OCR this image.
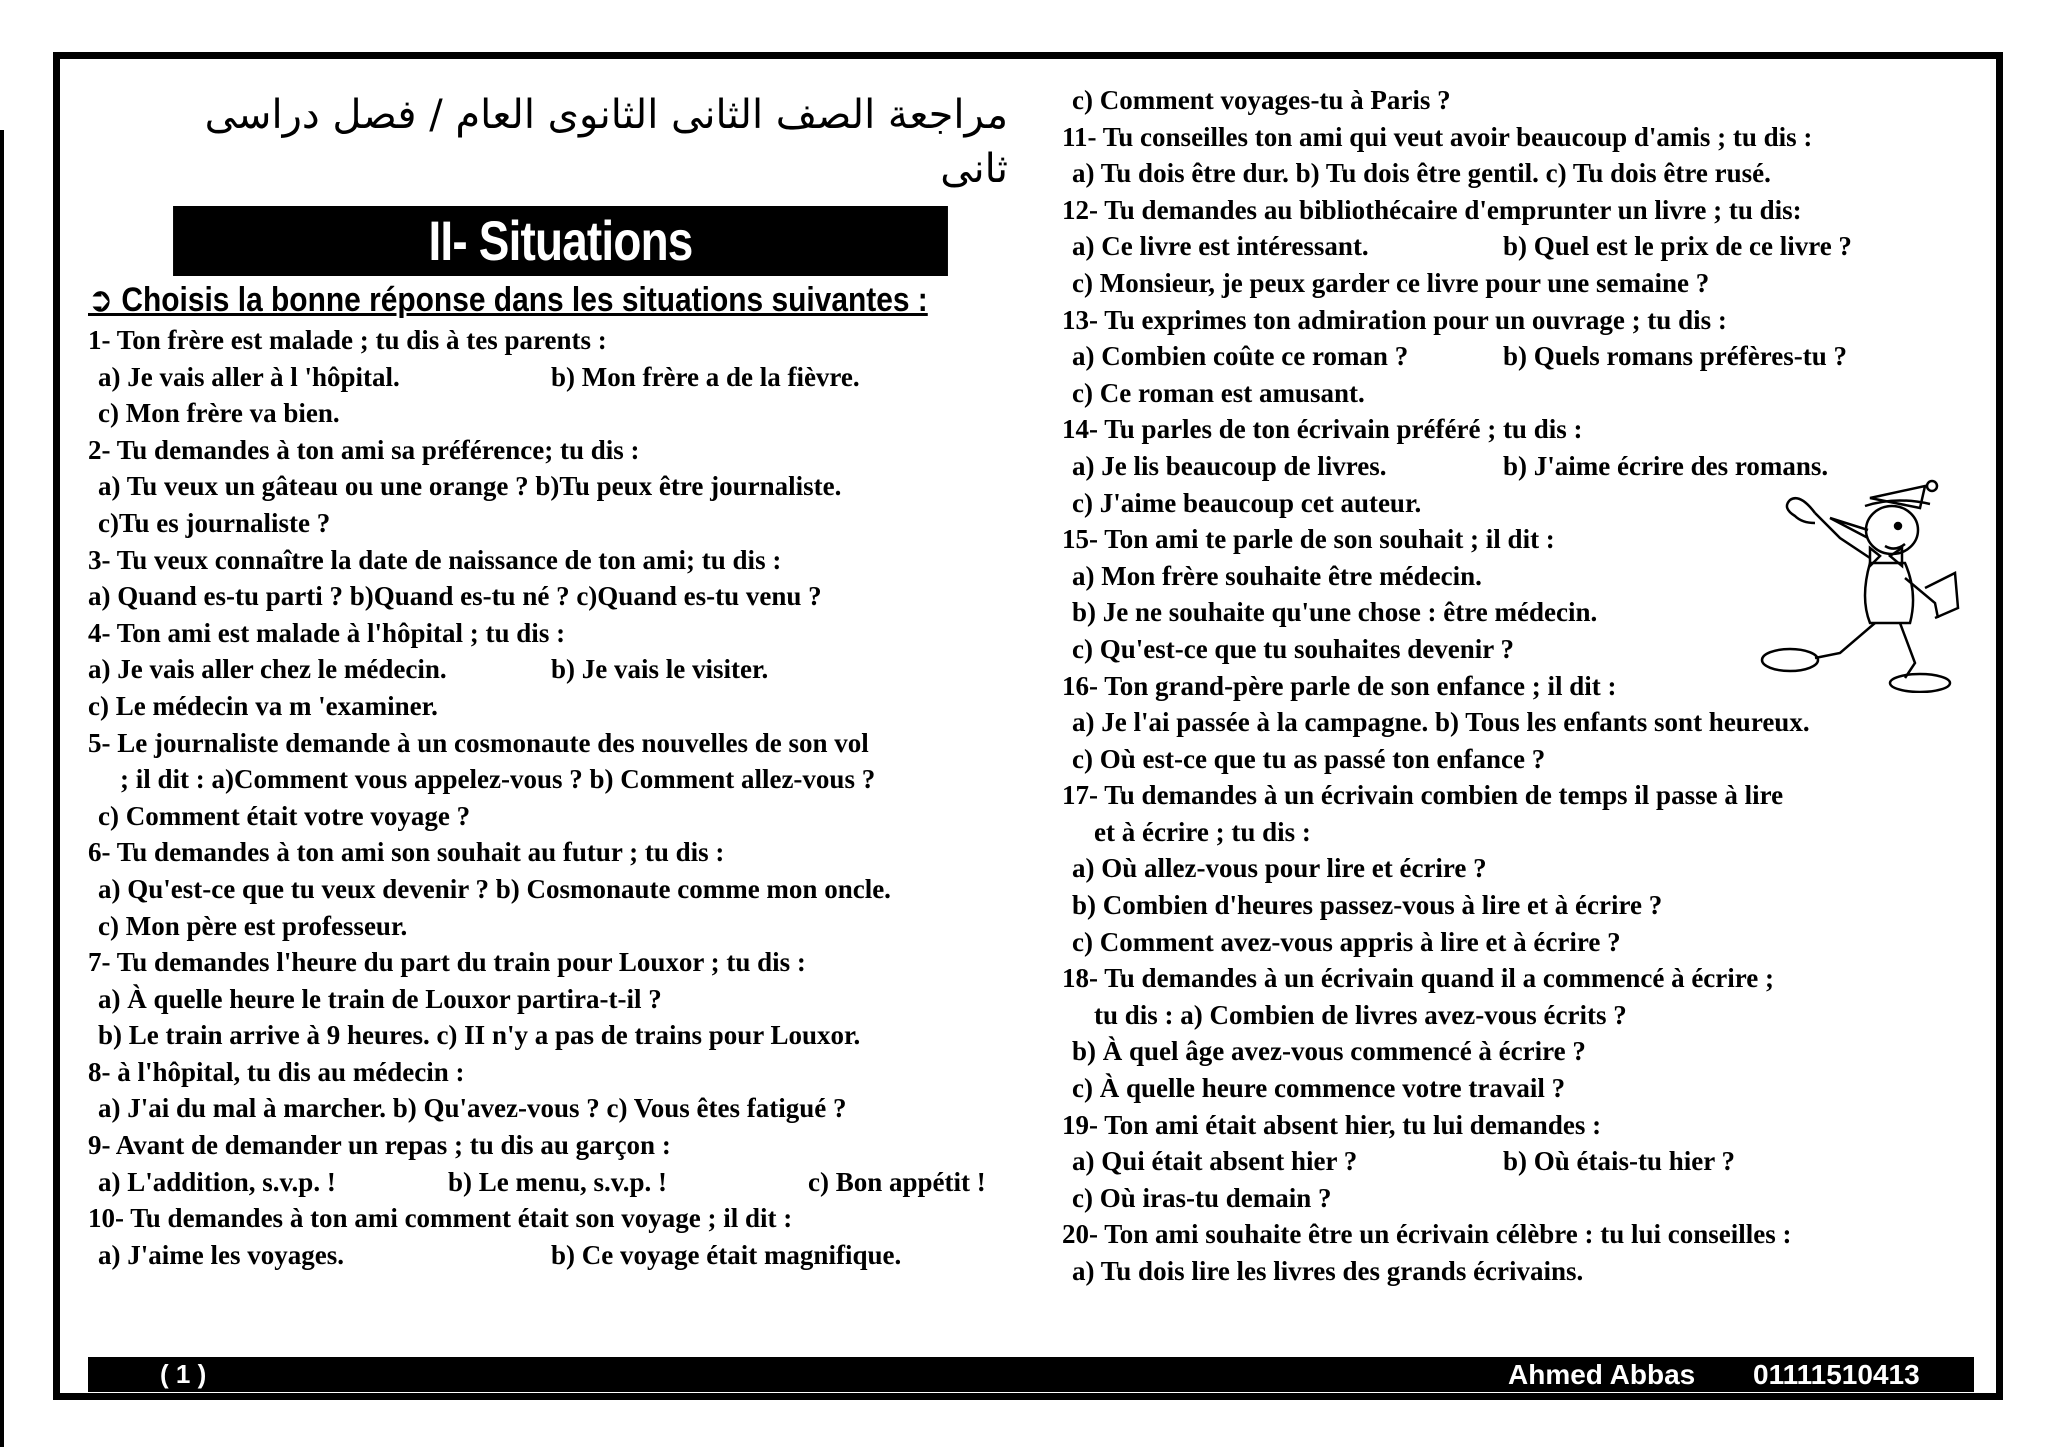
مراجعة الصف الثانى الثانوى العام / فصل دراسى ثانى
II- Situations
➲ Choisis la bonne réponse dans les situations suivantes :
1- Ton frère est malade ; tu dis à tes parents :
a) Je vais aller à l 'hôpital.	b) Mon frère a de la fièvre.
c) Mon frère va bien.
2- Tu demandes à ton ami sa préférence; tu dis :
a) Tu veux un gâteau ou une orange ? b)Tu peux être journaliste.
c)Tu es journaliste ?
3- Tu veux connaître la date de naissance de ton ami; tu dis :
a) Quand es-tu parti ? b)Quand es-tu né ? c)Quand es-tu venu ?
4- Ton ami est malade à l'hôpital ; tu dis :
a) Je vais aller chez le médecin.	b) Je vais le visiter.
c) Le médecin va m 'examiner.
5- Le journaliste demande à un cosmonaute des nouvelles de son vol
; il dit : a)Comment vous appelez-vous ? b) Comment allez-vous ?
c) Comment était votre voyage ?
6- Tu demandes à ton ami son souhait au futur ; tu dis :
a) Qu'est-ce que tu veux devenir ? b) Cosmonaute comme mon oncle.
c) Mon père est professeur.
7- Tu demandes l'heure du part du train pour Louxor ; tu dis :
a) À quelle heure le train de Louxor partira-t-il ?
b) Le train arrive à 9 heures. c) II n'y a pas de trains pour Louxor.
8- à l'hôpital, tu dis au médecin :
a) J'ai du mal à marcher. b) Qu'avez-vous ? c) Vous êtes fatigué ?
9- Avant de demander un repas ; tu dis au garçon :
a) L'addition, s.v.p. !	b) Le menu, s.v.p. !	c) Bon appétit !
10- Tu demandes à ton ami comment était son voyage ; il dit :
a) J'aime les voyages.	b) Ce voyage était magnifique.
c) Comment voyages-tu à Paris ?
11- Tu conseilles ton ami qui veut avoir beaucoup d'amis ; tu dis :
a) Tu dois être dur. b) Tu dois être gentil. c) Tu dois être rusé.
12- Tu demandes au bibliothécaire d'emprunter un livre ; tu dis:
a) Ce livre est intéressant.	b) Quel est le prix de ce livre ?
c) Monsieur, je peux garder ce livre pour une semaine ?
13- Tu exprimes ton admiration pour un ouvrage ; tu dis :
a) Combien coûte ce roman ?	b) Quels romans préfères-tu ?
c) Ce roman est amusant.
14- Tu parles de ton écrivain préféré ; tu dis :
a) Je lis beaucoup de livres.	b) J'aime écrire des romans.
c) J'aime beaucoup cet auteur.
15- Ton ami te parle de son souhait ; il dit :
a) Mon frère souhaite être médecin.
b) Je ne souhaite qu'une chose : être médecin.
c) Qu'est-ce que tu souhaites devenir ?
16- Ton grand-père parle de son enfance ; il dit :
a) Je l'ai passée à la campagne. b) Tous les enfants sont heureux.
c) Où est-ce que tu as passé ton enfance ?
17- Tu demandes à un écrivain combien de temps il passe à lire
et à écrire ; tu dis :
a) Où allez-vous pour lire et écrire ?
b) Combien d'heures passez-vous à lire et à écrire ?
c) Comment avez-vous appris à lire et à écrire ?
18- Tu demandes à un écrivain quand il a commencé à écrire ;
tu dis : a) Combien de livres avez-vous écrits ?
b) À quel âge avez-vous commencé à écrire ?
c) À quelle heure commence votre travail ?
19- Ton ami était absent hier, tu lui demandes :
a) Qui était absent hier ?	b) Où étais-tu hier ?
c) Où iras-tu demain ?
20- Ton ami souhaite être un écrivain célèbre : tu lui conseilles :
a) Tu dois lire les livres des grands écrivains.
( 1 )	Ahmed Abbas 01111510413
